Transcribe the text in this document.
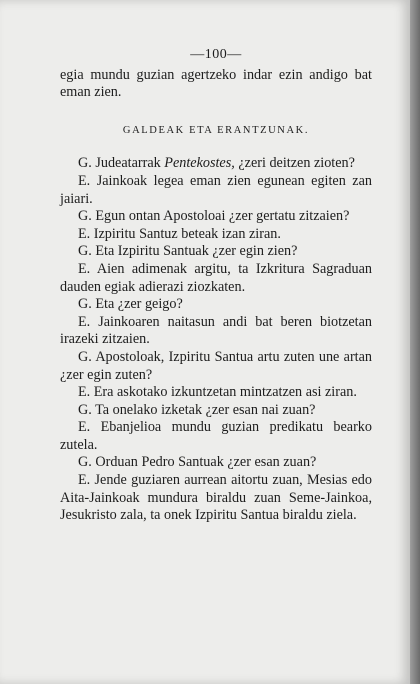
—100—

egia mundu guzian agertzeko indar ezin andigo bat eman zien.

GALDEAK ETA ERANTZUNAK.

G. Judeatarrak Pentekostes, ¿zeri deitzen zioten?

E. Jainkoak legea eman zien egunean egiten zan jaiari.

G. Egun ontan Apostoloai ¿zer gertatu zitzaien?

E. Izpiritu Santuz beteak izan ziran.

G. Eta Izpiritu Santuak ¿zer egin zien?

E. Aien adimenak argitu, ta Izkritura Sagraduan dauden egiak adierazi ziozkaten.

G. Eta ¿zer geigo?

E. Jainkoaren naitasun andi bat beren biotzetan irazeki zitzaien.

G. Apostoloak, Izpiritu Santua artu zuten une artan ¿zer egin zuten?

E. Era askotako izkuntzetan mintzatzen asi ziran.

G. Ta onelako izketak ¿zer esan nai zuan?

E. Ebanjelioa mundu guzian predikatu bearko zutela.

G. Orduan Pedro Santuak ¿zer esan zuan?

E. Jende guziaren aurrean aitortu zuan, Mesias edo Aita-Jainkoak mundura biraldu zuan Seme-Jainkoa, Jesukristo zala, ta onek Izpiritu Santua biraldu ziela.
